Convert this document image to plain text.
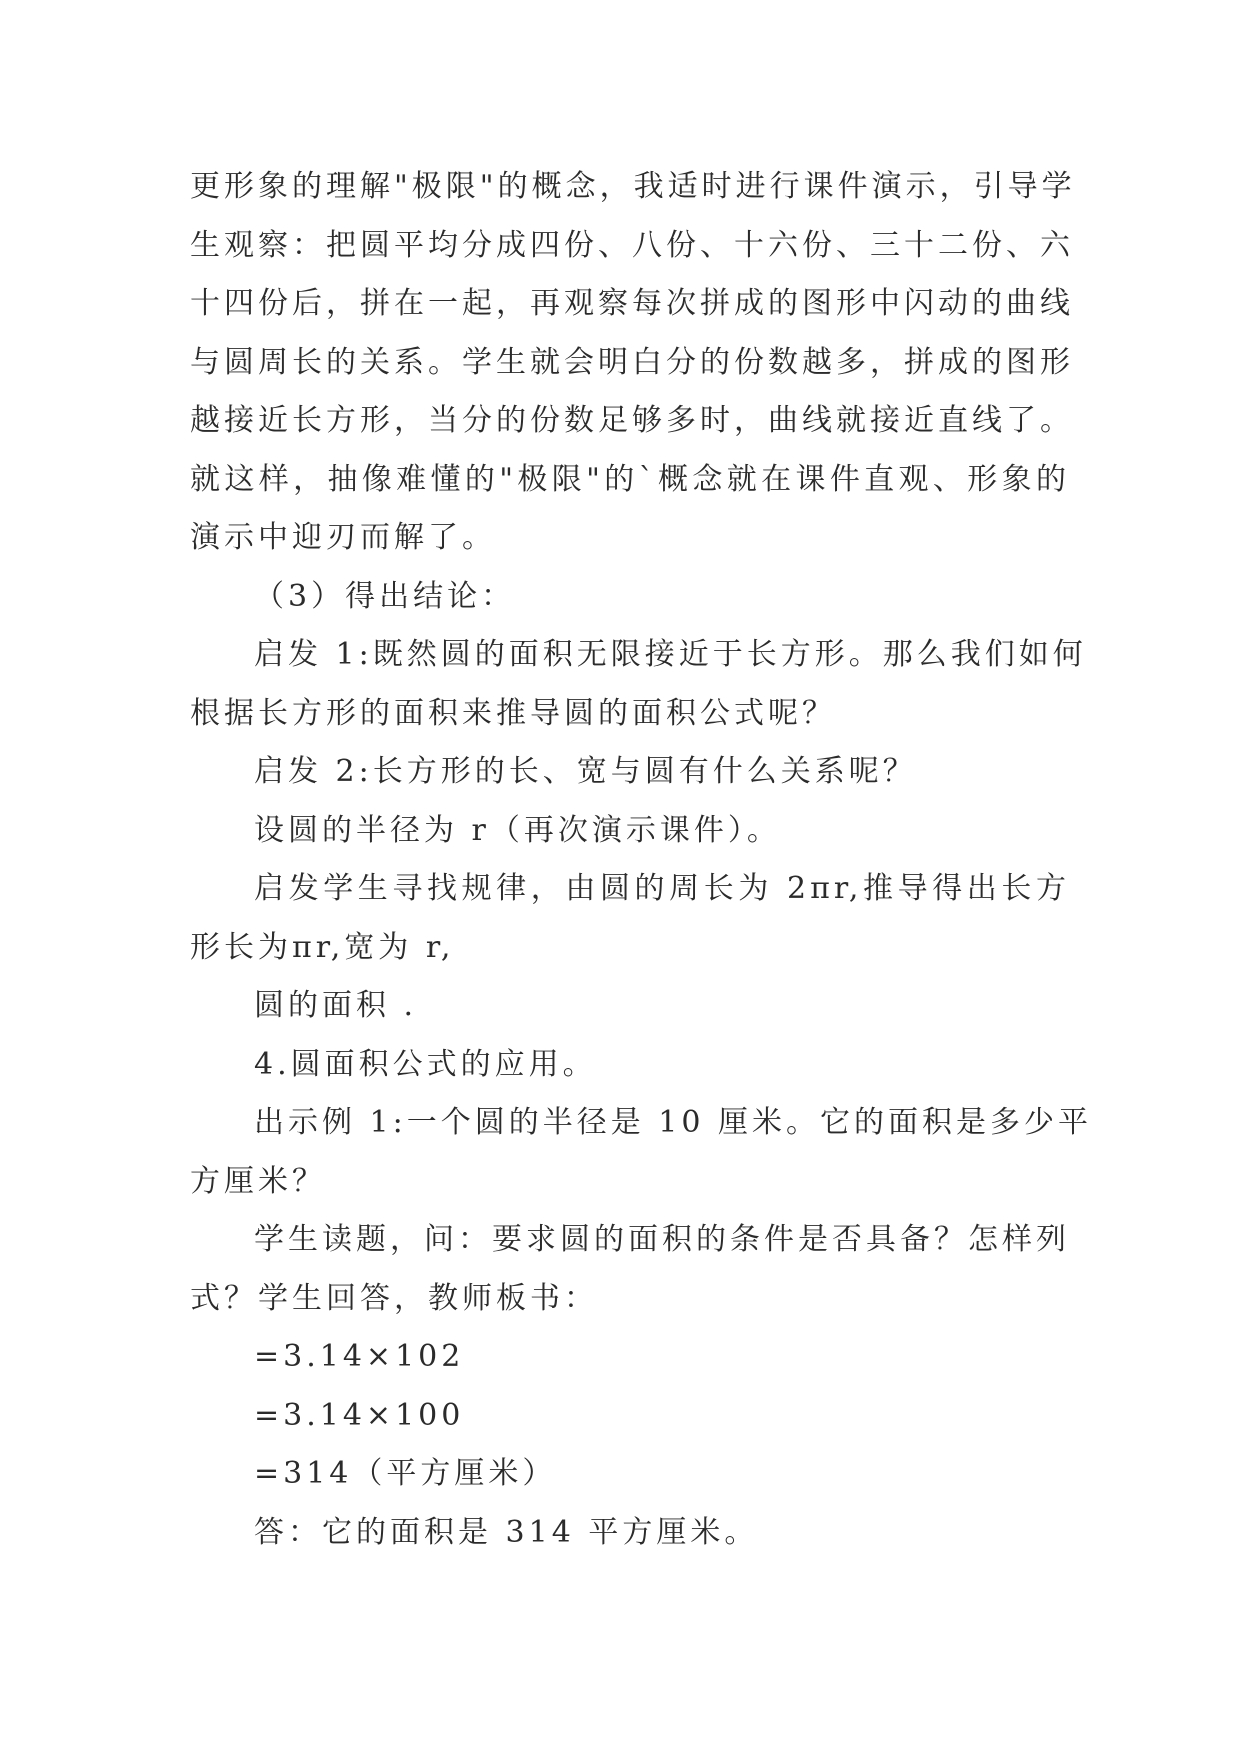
更形象的理解"极限"的概念，我适时进行课件演示，引导学
生观察：把圆平均分成四份、八份、十六份、三十二份、六
十四份后，拼在一起，再观察每次拼成的图形中闪动的曲线
与圆周长的关系。学生就会明白分的份数越多，拼成的图形
越接近长方形，当分的份数足够多时，曲线就接近直线了。
就这样，抽像难懂的"极限"的`概念就在课件直观、形象的
演示中迎刃而解了。
（3）得出结论：
启发 1:既然圆的面积无限接近于长方形。那么我们如何
根据长方形的面积来推导圆的面积公式呢？
启发 2:长方形的长、宽与圆有什么关系呢？
设圆的半径为 r（再次演示课件）。
启发学生寻找规律，由圆的周长为 2πr,推导得出长方
形长为πr,宽为 r,
圆的面积 .
4.圆面积公式的应用。
出示例 1:一个圆的半径是 10 厘米。它的面积是多少平
方厘米？
学生读题，问：要求圆的面积的条件是否具备？怎样列
式？学生回答，教师板书：
=3.14×102
=3.14×100
=314（平方厘米）
答：它的面积是 314 平方厘米。
